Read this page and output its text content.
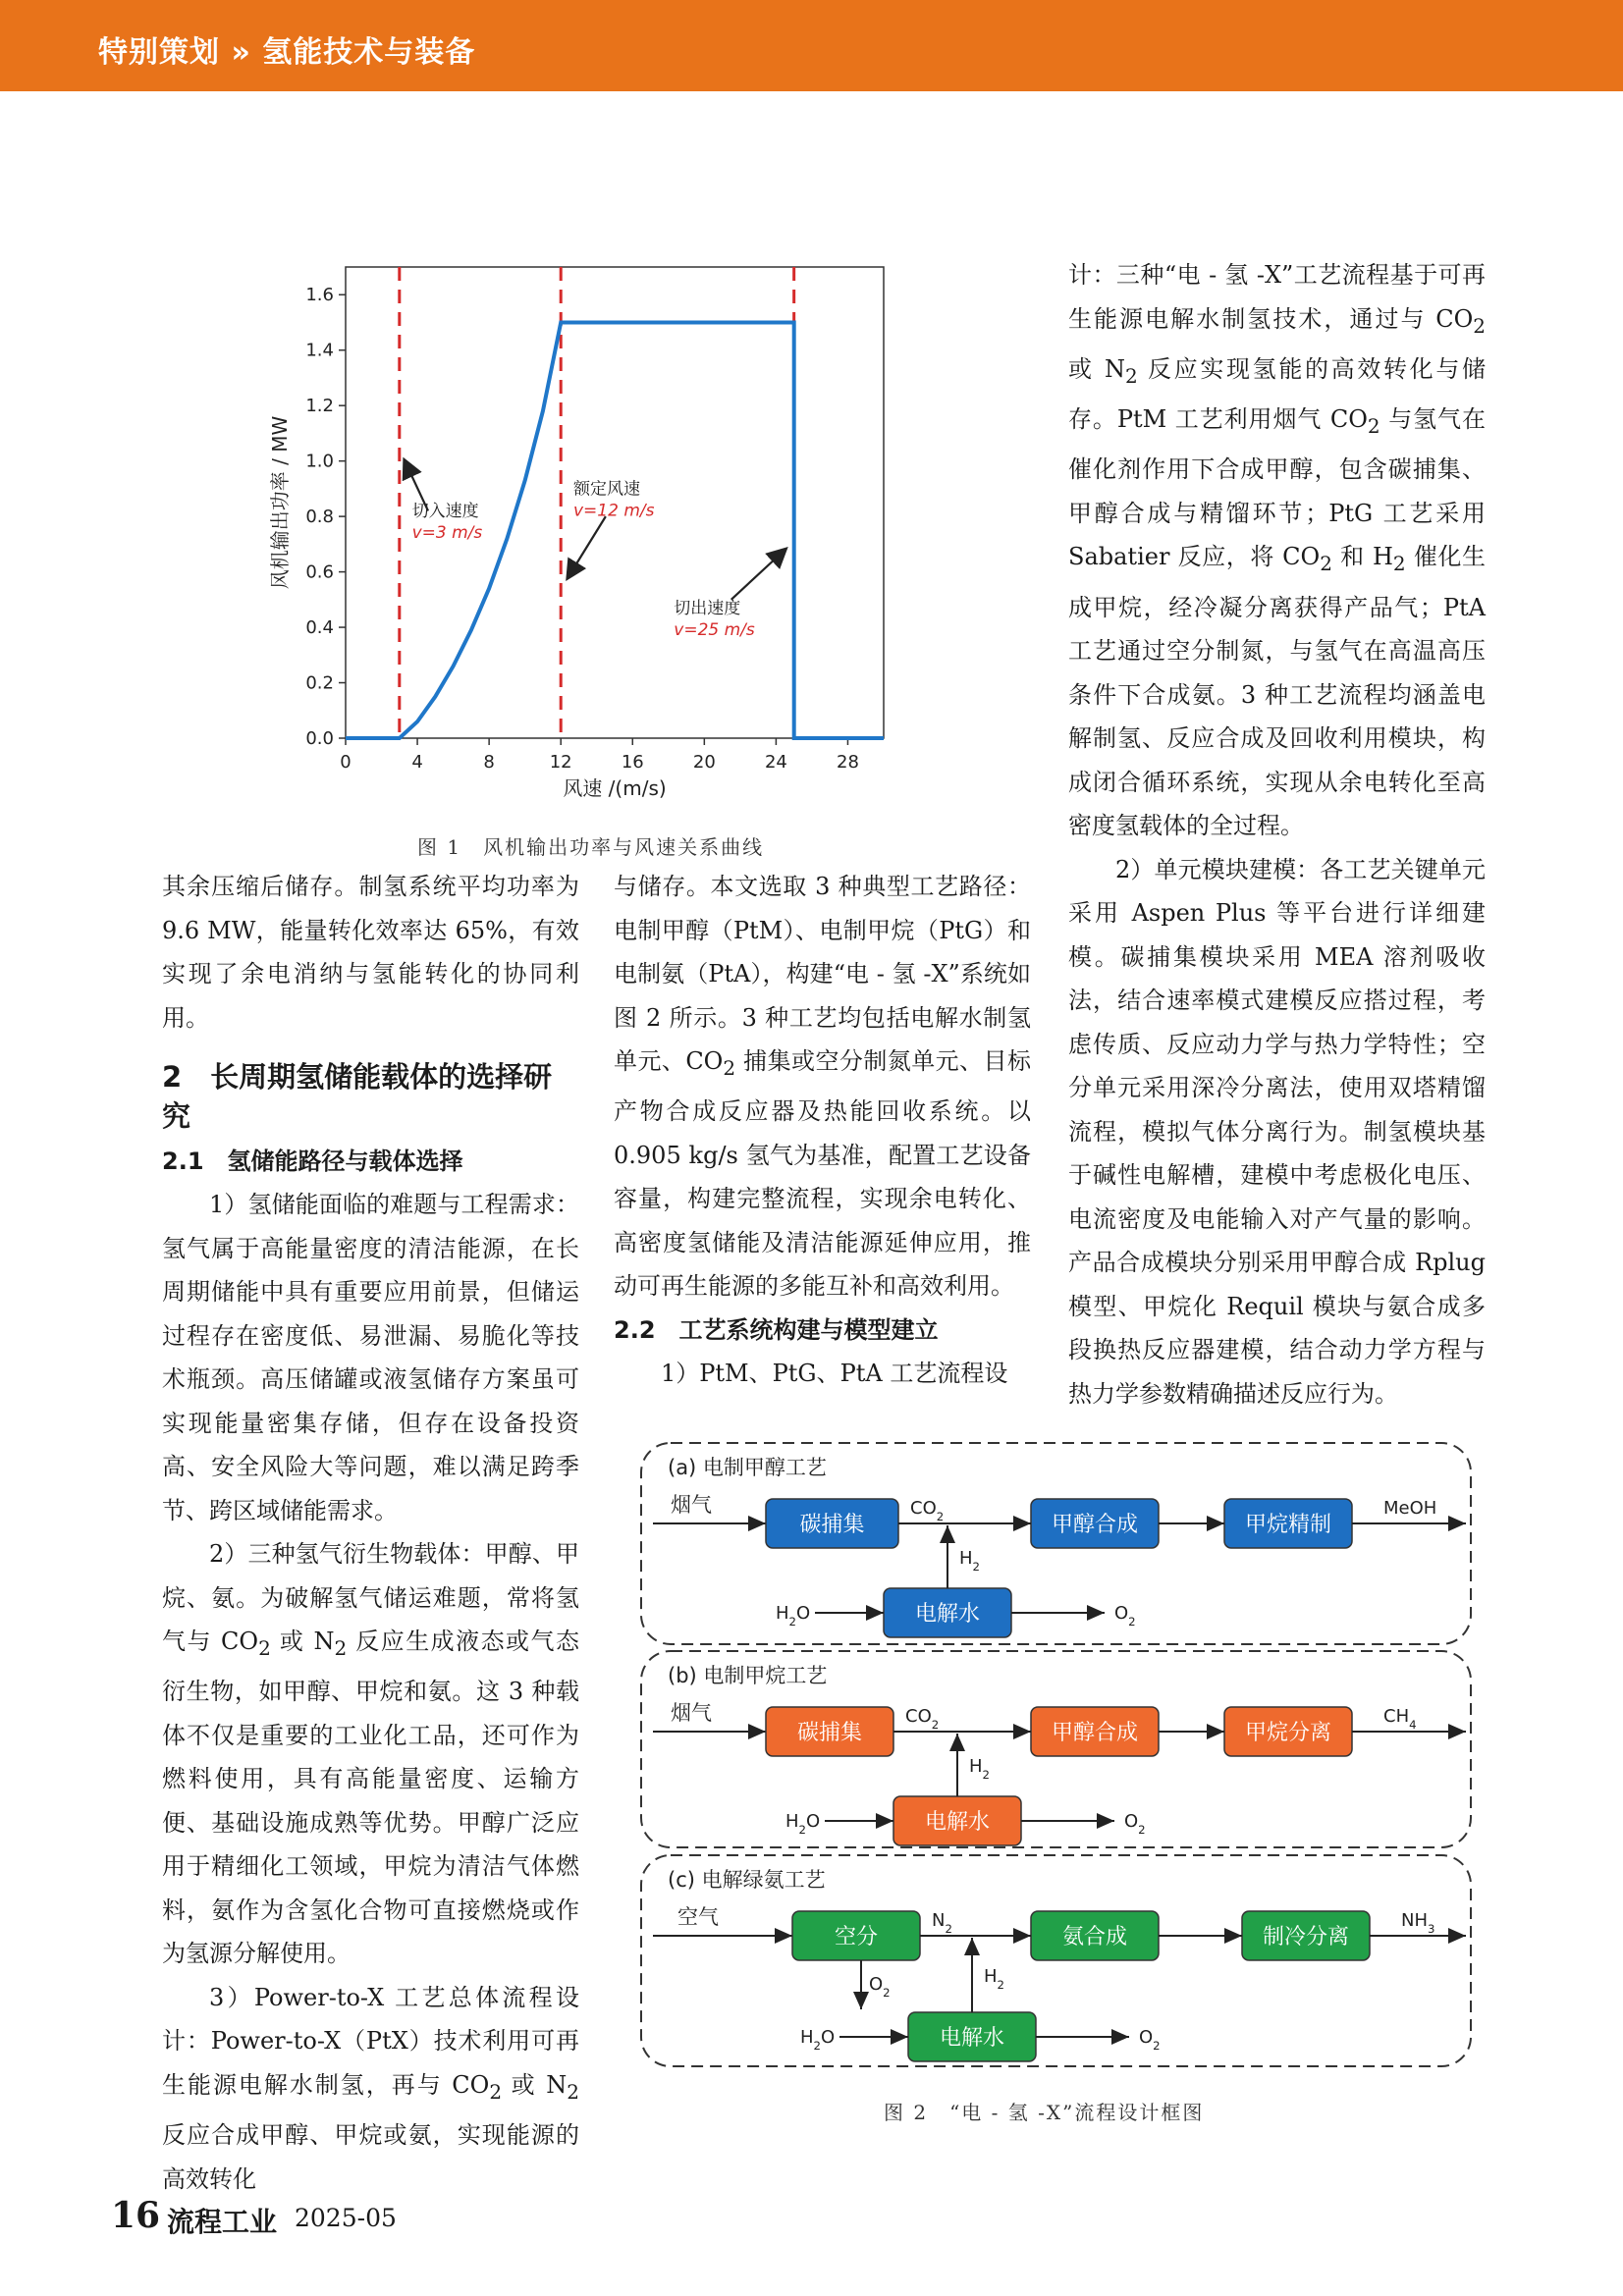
特别策划 » 氢能技术与装备
0	4	8	12	16	20	24	28
0.0
0.2
0.4
0.6
0.8
1.0
1.2
1.4
1.6
风速 /(m/s)
风机输出功率 / MW	切入速度
v=3 m/s
额定风速
v=12 m/s
切出速度
v=25 m/s
图 1　风机输出功率与风速关系曲线

其余压缩后储存。制氢系统平均功率为 9.6 MW，能量转化效率达 65%，有效实现了余电消纳与氢能转化的协同利用。

2　长周期氢储能载体的选择研究
2.1　氢储能路径与载体选择

1）氢储能面临的难题与工程需求：氢气属于高能量密度的清洁能源，在长周期储能中具有重要应用前景，但储运过程存在密度低、易泄漏、易脆化等技术瓶颈。高压储罐或液氢储存方案虽可实现能量密集存储，但存在设备投资高、安全风险大等问题，难以满足跨季节、跨区域储能需求。

2）三种氢气衍生物载体：甲醇、甲烷、氨。为破解氢气储运难题，常将氢气与 $CO_2$ 或 $N_2$ 反应生成液态或气态衍生物，如甲醇、甲烷和氨。这 3 种载体不仅是重要的工业化工品，还可作为燃料使用，具有高能量密度、运输方便、基础设施成熟等优势。甲醇广泛应用于精细化工领域，甲烷为清洁气体燃料，氨作为含氢化合物可直接燃烧或作为氢源分解使用。

3）Power-to-X 工艺总体流程设计：Power-to-X（PtX）技术利用可再生能源电解水制氢，再与 $CO_2$ 或 $N_2$ 反应合成甲醇、甲烷或氨，实现能源的高效转化

与储存。本文选取 3 种典型工艺路径：电制甲醇（PtM）、电制甲烷（PtG）和电制氨（PtA），构建“电 - 氢 -X”系统如图 2 所示。3 种工艺均包括电解水制氢单元、$CO_2$ 捕集或空分制氮单元、目标产物合成反应器及热能回收系统。以 0.905 kg/s 氢气为基准，配置工艺设备容量，构建完整流程，实现余电转化、高密度氢储能及清洁能源延伸应用，推动可再生能源的多能互补和高效利用。

2.2　工艺系统构建与模型建立

1）PtM、PtG、PtA 工艺流程设

计：三种“电 - 氢 -X”工艺流程基于可再生能源电解水制氢技术，通过与 $CO_2$ 或 $N_2$ 反应实现氢能的高效转化与储存。PtM 工艺利用烟气 $CO_2$ 与氢气在催化剂作用下合成甲醇，包含碳捕集、甲醇合成与精馏环节；PtG 工艺采用 Sabatier 反应，将 $CO_2$ 和 $H_2$ 催化生成甲烷，经冷凝分离获得产品气；PtA 工艺通过空分制氮，与氢气在高温高压条件下合成氨。3 种工艺流程均涵盖电解制氢、反应合成及回收利用模块，构成闭合循环系统，实现从余电转化至高密度氢载体的全过程。

2）单元模块建模：各工艺关键单元采用 Aspen Plus 等平台进行详细建模。碳捕集模块采用 MEA 溶剂吸收法，结合速率模式建模反应搭过程，考虑传质、反应动力学与热力学特性；空分单元采用深冷分离法，使用双塔精馏流程，模拟气体分离行为。制氢模块基于碱性电解槽，建模中考虑极化电压、电流密度及电能输入对产气量的影响。产品合成模块分别采用甲醇合成 Rplug 模型、甲烷化 Requil 模块与氨合成多段换热反应器建模，结合动力学方程与热力学参数精确描述反应行为。

(a) 电制甲醇工艺
烟气
碳捕集	甲醇合成	甲烷精制
$CO_2$	MeOH
电解水
$H_2O$	$O_2$
$H_2$
(b) 电制甲烷工艺
烟气
碳捕集	甲醇合成	甲烷分离
$CO_2$	$CH_4$
电解水
$H_2O$	$O_2$
$H_2$
(c) 电解绿氨工艺
空气
空分	氨合成	制冷分离
$N_2$	$NH_3$
电解水
$H_2O$	$O_2$
$H_2$
$O_2$
图 2　“电 - 氢 -X”流程设计框图
16 流程工业 2025-05
